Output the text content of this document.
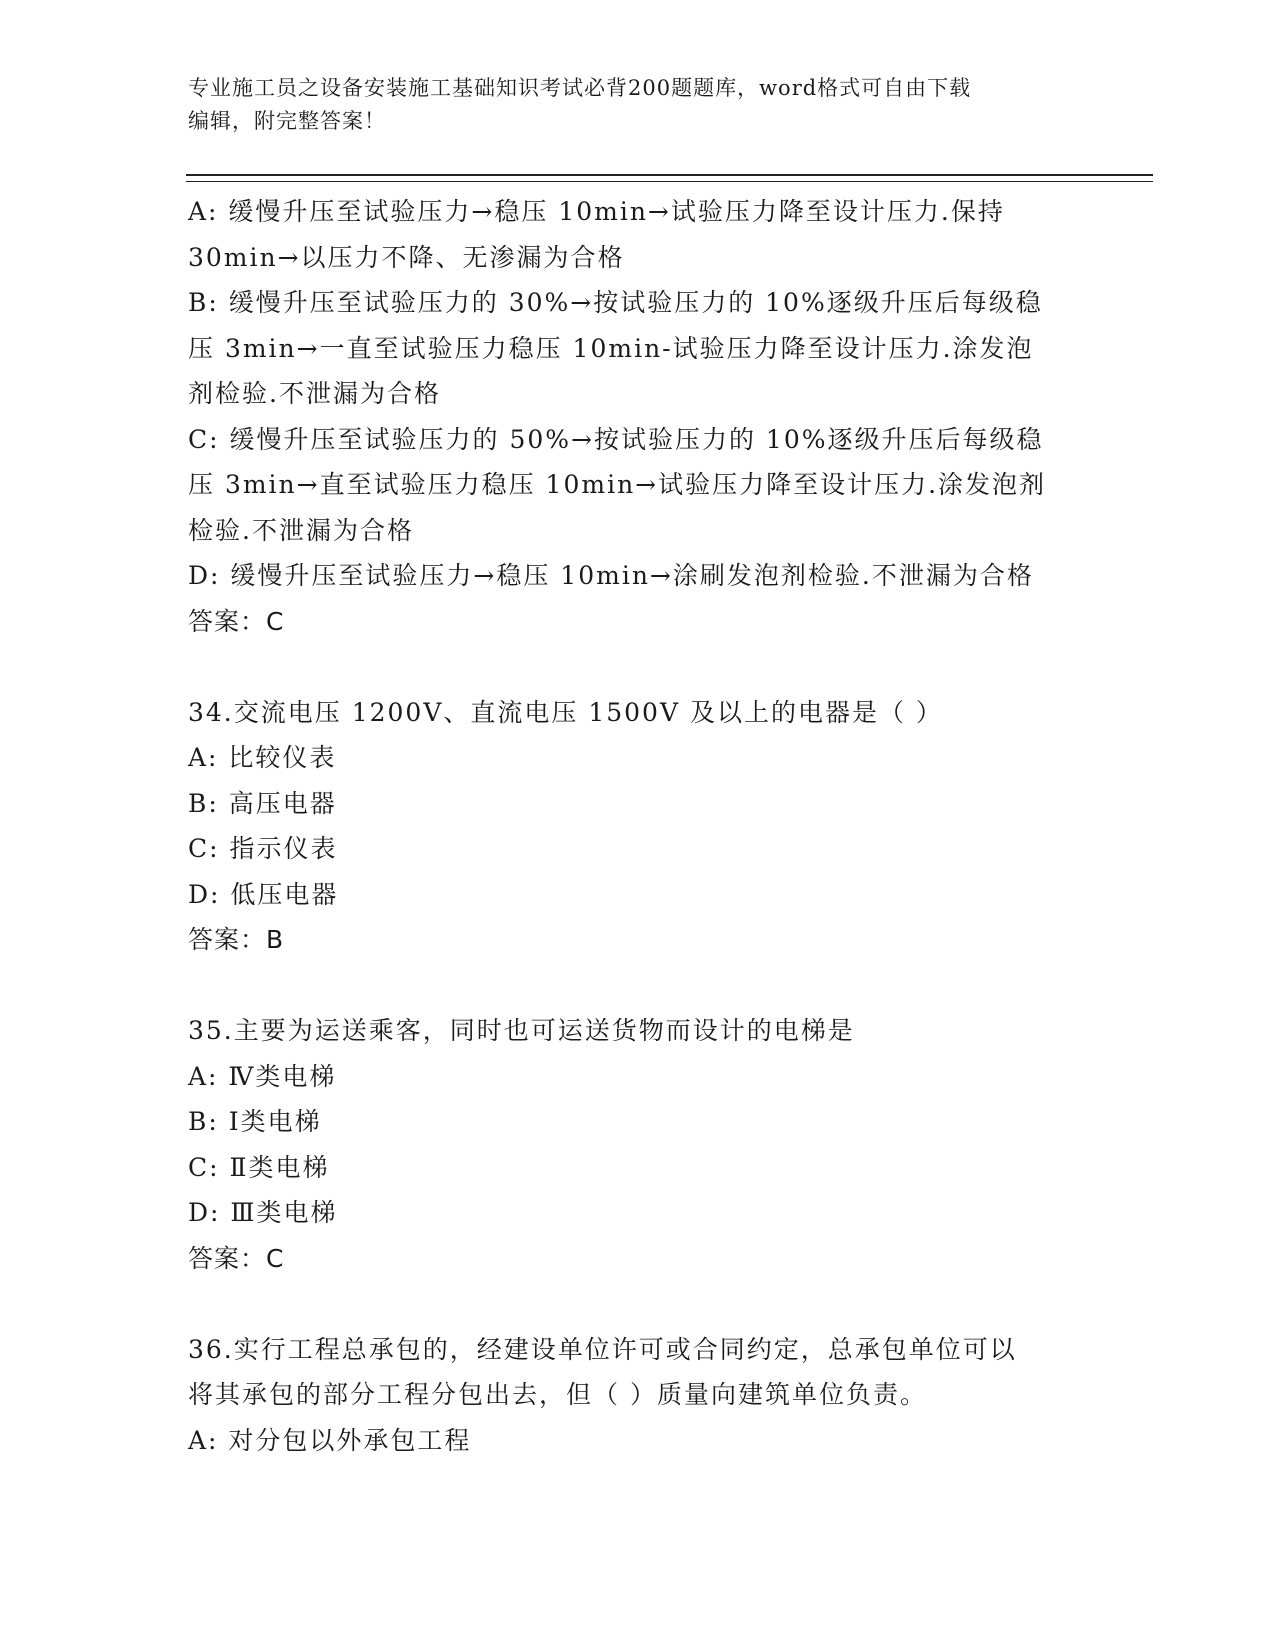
专业施工员之设备安装施工基础知识考试必背200题题库，word格式可自由下载
编辑，附完整答案！
A: 缓慢升压至试验压力→稳压 10min→试验压力降至设计压力.保持
30min→以压力不降、无渗漏为合格
B: 缓慢升压至试验压力的 30%→按试验压力的 10%逐级升压后每级稳
压 3min→一直至试验压力稳压 10min-试验压力降至设计压力.涂发泡
剂检验.不泄漏为合格
C: 缓慢升压至试验压力的 50%→按试验压力的 10%逐级升压后每级稳
压 3min→直至试验压力稳压 10min→试验压力降至设计压力.涂发泡剂
检验.不泄漏为合格
D: 缓慢升压至试验压力→稳压 10min→涂刷发泡剂检验.不泄漏为合格
答案：C
34.交流电压 1200V、直流电压 1500V 及以上的电器是（ ）
A: 比较仪表
B: 高压电器
C: 指示仪表
D: 低压电器
答案：B
35.主要为运送乘客，同时也可运送货物而设计的电梯是
A: Ⅳ类电梯
B: Ⅰ类电梯
C: Ⅱ类电梯
D: Ⅲ类电梯
答案：C
36.实行工程总承包的，经建设单位许可或合同约定，总承包单位可以
将其承包的部分工程分包出去，但（ ）质量向建筑单位负责。
A: 对分包以外承包工程
